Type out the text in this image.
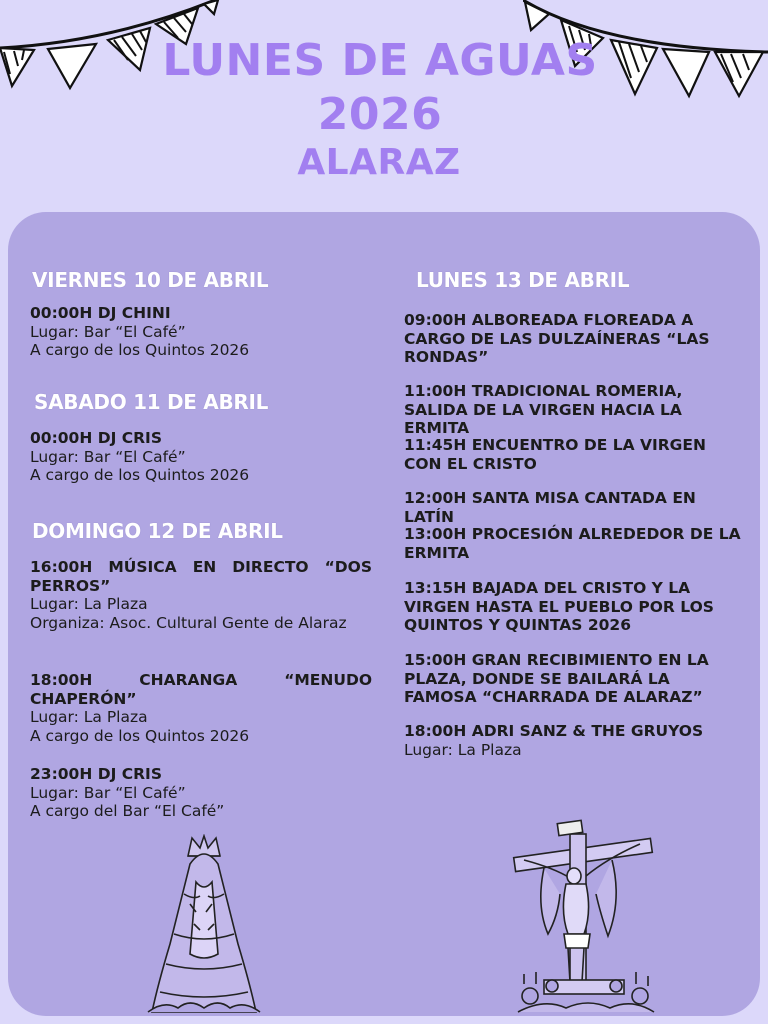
LUNES DE AGUAS
2026
ALARAZ
VIERNES 10 DE ABRIL
00:00H DJ CHINI
Lugar: Bar “El Café”
A cargo de los Quintos 2026
SABADO 11 DE ABRIL
00:00H DJ CRIS
Lugar: Bar “El Café”
A cargo de los Quintos 2026
DOMINGO 12 DE ABRIL
16:00H MÚSICA EN DIRECTO “DOS PERROS”
Lugar: La Plaza
Organiza: Asoc. Cultural Gente de Alaraz
18:00H CHARANGA “MENUDO CHAPERÓN”
Lugar: La Plaza
A cargo de los Quintos 2026
23:00H DJ CRIS
Lugar: Bar “El Café”
A cargo del Bar “El Café”
LUNES 13 DE ABRIL
09:00H ALBOREADA FLOREADA A CARGO DE LAS DULZAÍNERAS “LAS RONDAS”
11:00H TRADICIONAL ROMERIA, SALIDA DE LA VIRGEN HACIA LA ERMITA
11:45H ENCUENTRO DE LA VIRGEN CON EL CRISTO
12:00H SANTA MISA CANTADA EN LATÍN
13:00H PROCESIÓN ALREDEDOR DE LA ERMITA
13:15H BAJADA DEL CRISTO Y LA VIRGEN HASTA EL PUEBLO POR LOS QUINTOS Y QUINTAS 2026
15:00H GRAN RECIBIMIENTO EN LA PLAZA, DONDE SE BAILARÁ LA FAMOSA “CHARRADA DE ALARAZ”
18:00H ADRI SANZ & THE GRUYOS
Lugar: La Plaza
